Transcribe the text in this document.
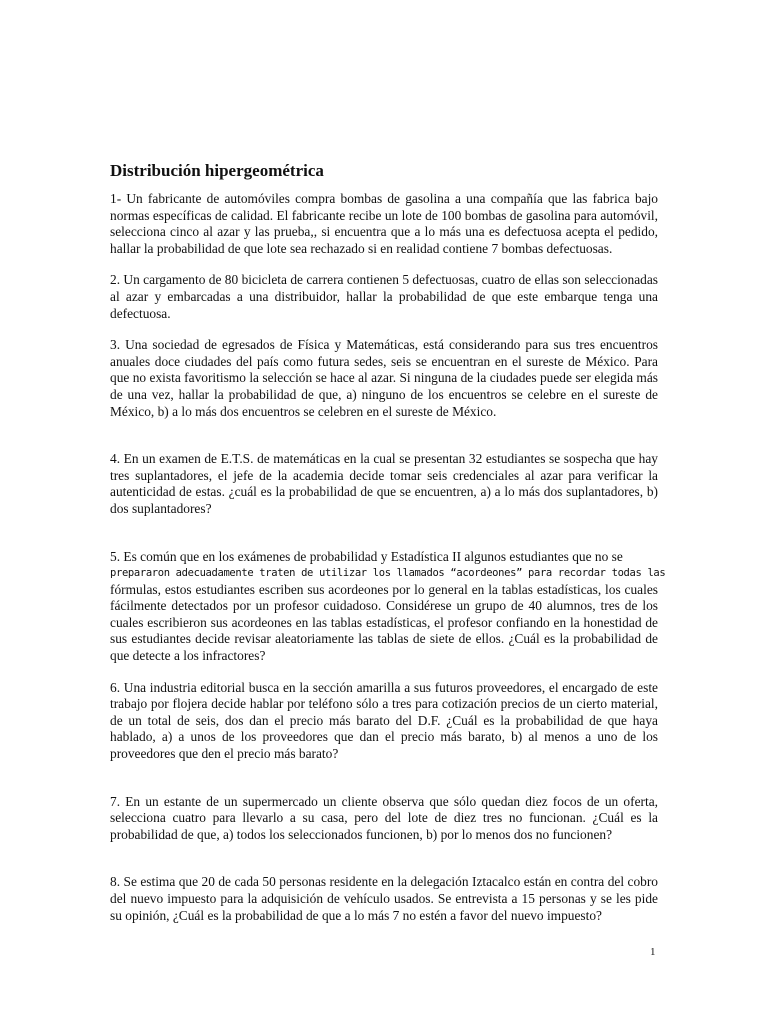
Distribución hipergeométrica

1- Un fabricante de automóviles compra bombas de gasolina a una compañía que las fabrica bajo normas específicas de calidad. El fabricante recibe un lote de 100 bombas de gasolina para automóvil, selecciona cinco al azar y las prueba,, si encuentra que a lo más una es defectuosa acepta el pedido, hallar la probabilidad de que lote sea rechazado si en realidad contiene 7 bombas defectuosas.

2. Un cargamento de 80 bicicleta de carrera contienen 5 defectuosas, cuatro de ellas son seleccionadas al azar y embarcadas a una distribuidor, hallar la probabilidad de que este embarque tenga una defectuosa.

3. Una sociedad de egresados de Física y Matemáticas, está considerando para sus tres encuentros anuales doce ciudades del país como futura sedes, seis se encuentran en el sureste de México. Para que no exista favoritismo la selección se hace al azar. Si ninguna de la ciudades puede ser elegida más de una vez, hallar la probabilidad de que, a) ninguno de los encuentros se celebre en el sureste de México, b) a lo más dos encuentros se celebren en el sureste de México.

4. En un examen de E.T.S. de matemáticas en la cual se presentan 32 estudiantes se sospecha que hay tres suplantadores, el jefe de la academia decide tomar seis credenciales al azar para verificar la autenticidad de estas. ¿cuál es la probabilidad de que se encuentren, a) a lo más dos suplantadores, b) dos suplantadores?

5. Es común que en los exámenes de probabilidad y Estadística II algunos estudiantes que no se
prepararon adecuadamente traten de utilizar los llamados “acordeones” para recordar todas las
fórmulas, estos estudiantes escriben sus acordeones por lo general en la tablas estadísticas, los cuales fácilmente detectados por un profesor cuidadoso. Considérese un grupo de 40 alumnos, tres de los cuales escribieron sus acordeones en las tablas estadísticas, el profesor confiando en la honestidad de sus estudiantes decide revisar aleatoriamente las tablas de siete de ellos. ¿Cuál es la probabilidad de que detecte a los infractores?

6. Una industria editorial busca en la sección amarilla a sus futuros proveedores, el encargado de este trabajo por flojera decide hablar por teléfono sólo a tres para cotización precios de un cierto material, de un total de seis, dos dan el precio más barato del D.F. ¿Cuál es la probabilidad de que haya hablado, a) a unos de los proveedores que dan el precio más barato, b) al menos a uno de los proveedores que den el precio más barato?

7. En un estante de un supermercado un cliente observa que sólo quedan diez focos de un oferta, selecciona cuatro para llevarlo a su casa, pero del lote de diez tres no funcionan. ¿Cuál es la probabilidad de que, a) todos los seleccionados funcionen, b) por lo menos dos no funcionen?

8. Se estima que 20 de cada 50 personas residente en la delegación Iztacalco están en contra del cobro del nuevo impuesto para la adquisición de vehículo usados. Se entrevista a 15 personas y se les pide su opinión, ¿Cuál es la probabilidad de que a lo más 7 no estén a favor del nuevo impuesto?

1
